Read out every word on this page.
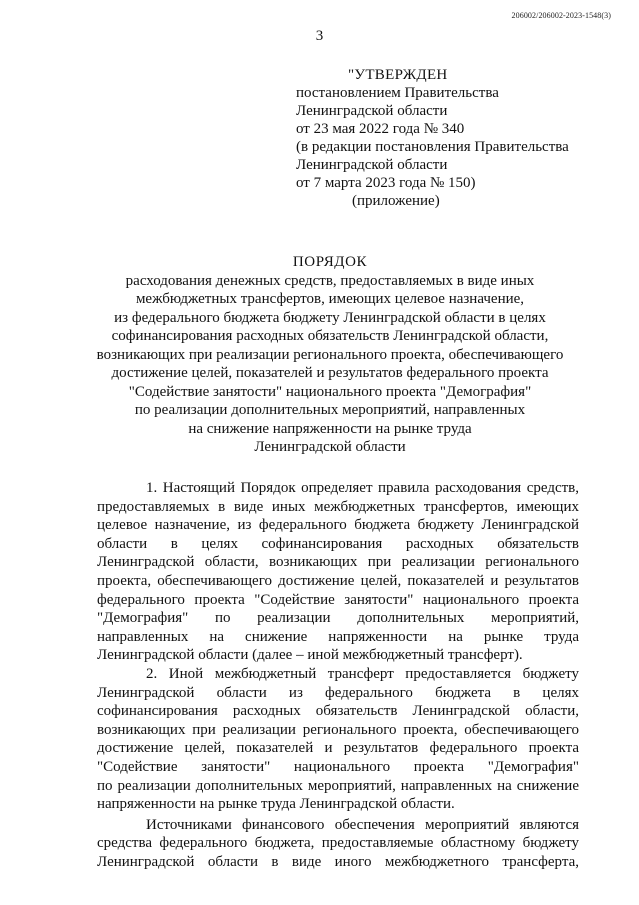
206002/206002-2023-1548(3)
3
"УТВЕРЖДЕН
постановлением Правительства
Ленинградской области
от 23 мая 2022 года № 340
(в редакции постановления Правительства
Ленинградской области
от 7 марта 2023 года № 150)
(приложение)
ПОРЯДОК
расходования денежных средств, предоставляемых в виде иных
межбюджетных трансфертов, имеющих целевое назначение,
из федерального бюджета бюджету Ленинградской области в целях
софинансирования расходных обязательств Ленинградской области,
возникающих при реализации регионального проекта, обеспечивающего
достижение целей, показателей и результатов федерального проекта
"Содействие занятости" национального проекта "Демография"
по реализации дополнительных мероприятий, направленных
на снижение напряженности на рынке труда
Ленинградской области
1. Настоящий Порядок определяет правила расходования средств,
предоставляемых в виде иных межбюджетных трансфертов, имеющих
целевое назначение, из федерального бюджета бюджету Ленинградской
области в целях софинансирования расходных обязательств
Ленинградской области, возникающих при реализации регионального
проекта, обеспечивающего достижение целей, показателей и результатов
федерального проекта "Содействие занятости" национального проекта
"Демография" по реализации дополнительных мероприятий,
направленных на снижение напряженности на рынке труда
Ленинградской области (далее – иной межбюджетный трансферт).
2. Иной межбюджетный трансферт предоставляется бюджету
Ленинградской области из федерального бюджета в целях
софинансирования расходных обязательств Ленинградской области,
возникающих при реализации регионального проекта, обеспечивающего
достижение целей, показателей и результатов федерального проекта
"Содействие занятости" национального проекта "Демография"
по реализации дополнительных мероприятий, направленных на снижение
напряженности на рынке труда Ленинградской области.
Источниками финансового обеспечения мероприятий являются
средства федерального бюджета, предоставляемые областному бюджету
Ленинградской области в виде иного межбюджетного трансферта,
